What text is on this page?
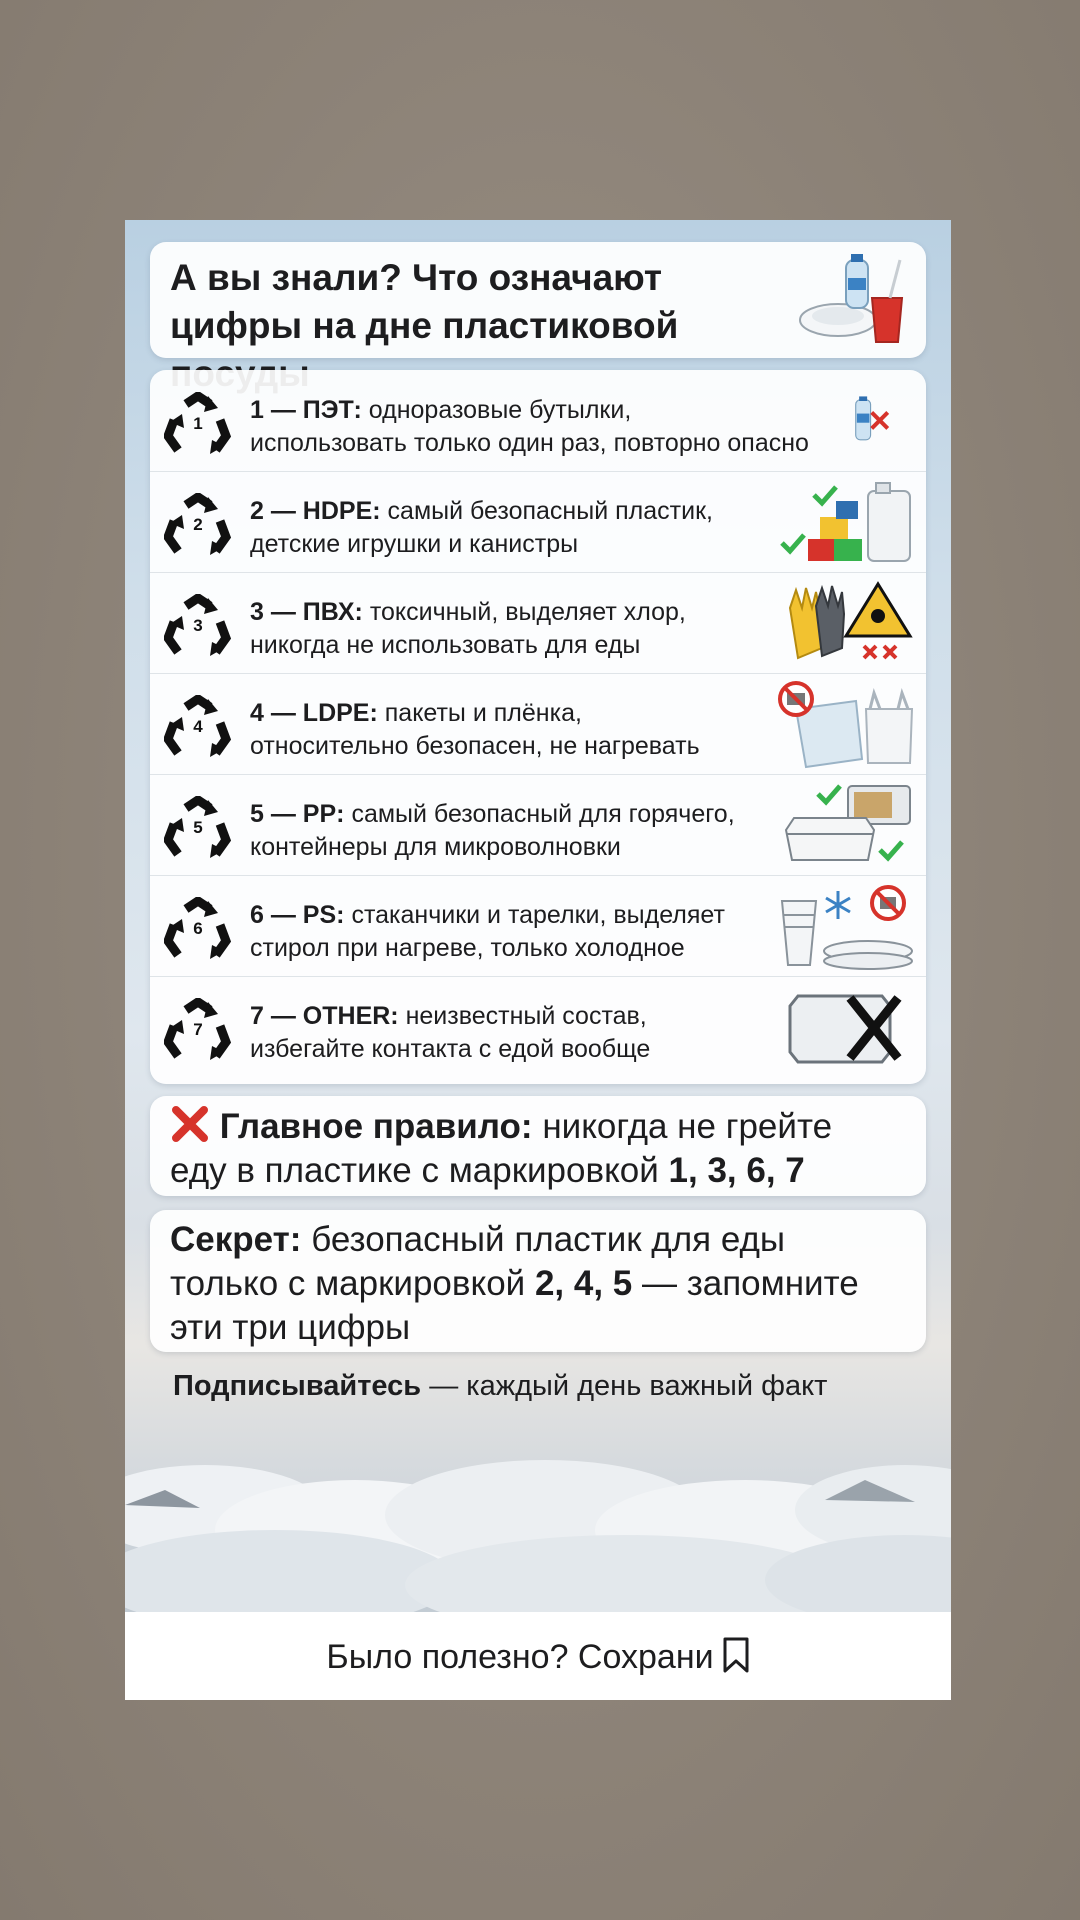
А вы знали? Что означают цифры на дне пластиковой
1	1 — ПЭТ: одноразовые бутылки,
использовать только один раз, повторно опасно
2	2 — HDPE: самый безопасный пластик,
детские игрушки и канистры
3	3 — ПВХ: токсичный, выделяет хлор,
никогда не использовать для еды
4	4 — LDPE: пакеты и плёнка,
относительно безопасен, не нагревать
5	5 — PP: самый безопасный для горячего,
контейнеры для микроволновки
6	6 — PS: стаканчики и тарелки, выделяет
стирол при нагреве, только холодное
7	7 — OTHER: неизвестный состав,
избегайте контакта с едой вообще
Главное правило: никогда не грейте
еду в пластике с маркировкой 1, 3, 6, 7
Секрет: безопасный пластик для еды
только с маркировкой 2, 4, 5 — запомните
эти три цифры
Подписывайтесь — каждый день важный факт
Было полезно? Сохрани
